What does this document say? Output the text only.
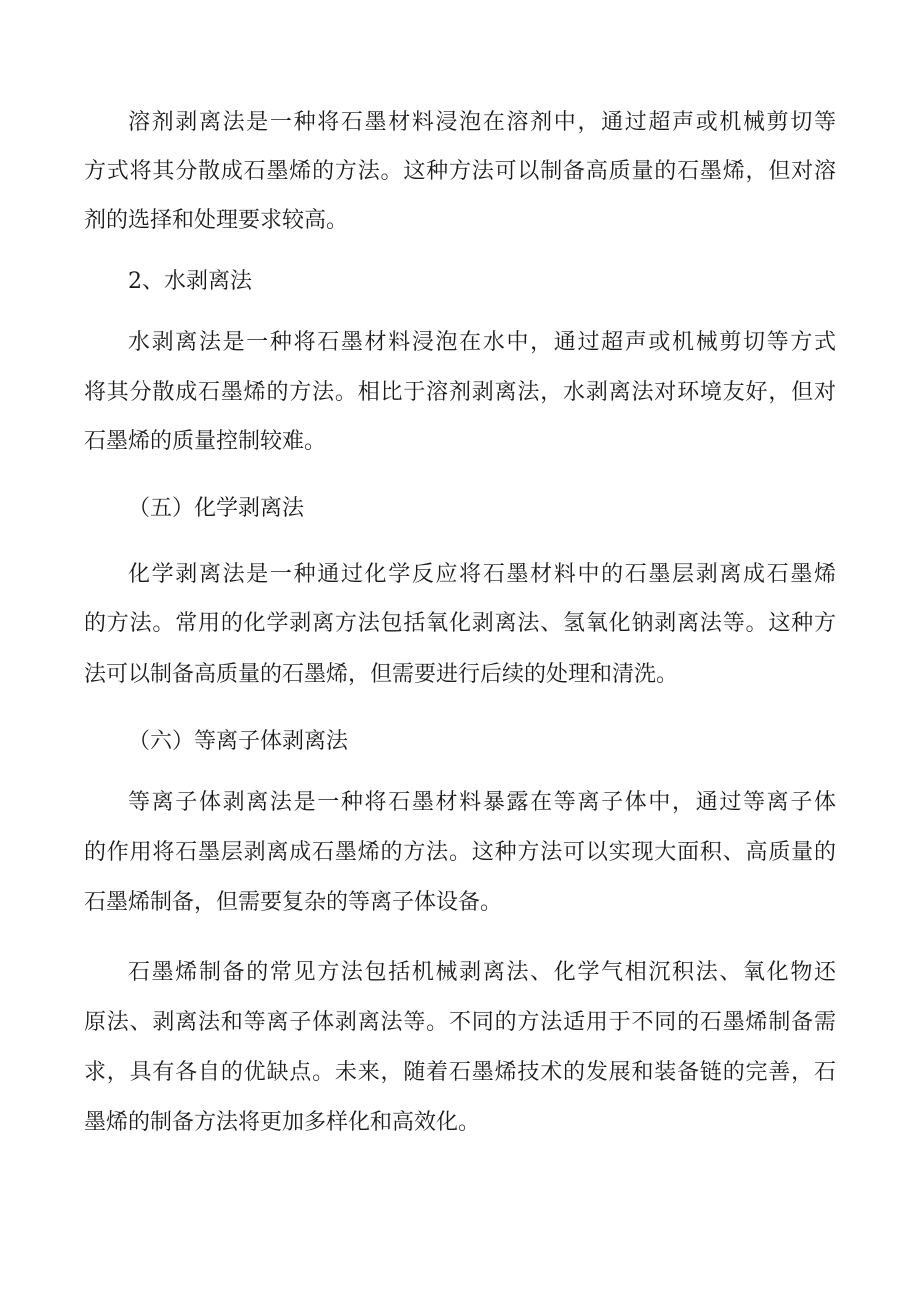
溶剂剥离法是一种将石墨材料浸泡在溶剂中，通过超声或机械剪切等
方式将其分散成石墨烯的方法。这种方法可以制备高质量的石墨烯，但对溶
剂的选择和处理要求较高。
2、水剥离法
水剥离法是一种将石墨材料浸泡在水中，通过超声或机械剪切等方式
将其分散成石墨烯的方法。相比于溶剂剥离法，水剥离法对环境友好，但对
石墨烯的质量控制较难。
（五）化学剥离法
化学剥离法是一种通过化学反应将石墨材料中的石墨层剥离成石墨烯
的方法。常用的化学剥离方法包括氧化剥离法、氢氧化钠剥离法等。这种方
法可以制备高质量的石墨烯，但需要进行后续的处理和清洗。
（六）等离子体剥离法
等离子体剥离法是一种将石墨材料暴露在等离子体中，通过等离子体
的作用将石墨层剥离成石墨烯的方法。这种方法可以实现大面积、高质量的
石墨烯制备，但需要复杂的等离子体设备。
石墨烯制备的常见方法包括机械剥离法、化学气相沉积法、氧化物还
原法、剥离法和等离子体剥离法等。不同的方法适用于不同的石墨烯制备需
求，具有各自的优缺点。未来，随着石墨烯技术的发展和装备链的完善，石
墨烯的制备方法将更加多样化和高效化。
